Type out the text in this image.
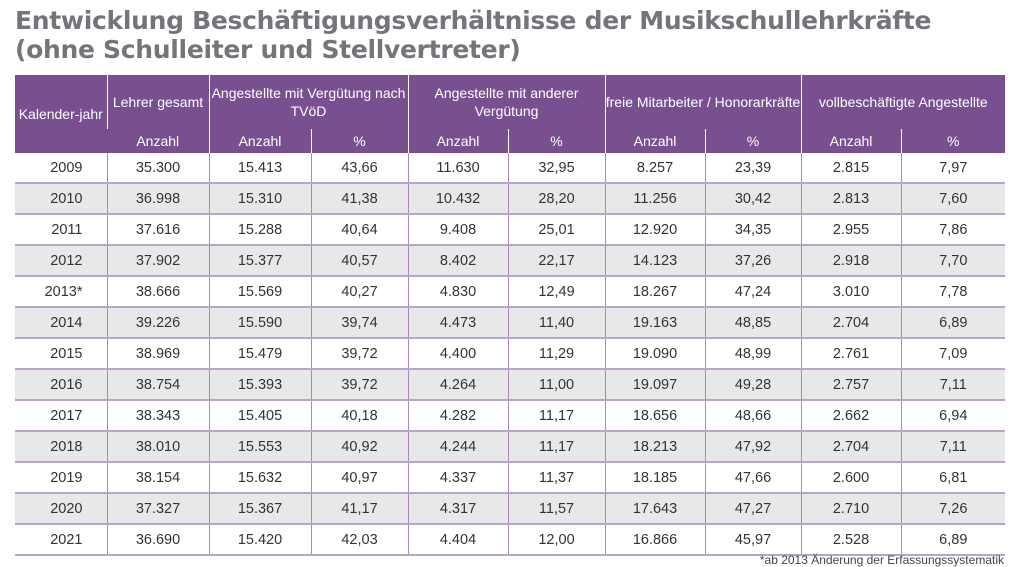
Entwicklung Beschäftigungsverhältnisse der Musikschullehrkräfte
(ohne Schulleiter und Stellvertreter)
Kalender-jahr	Lehrer gesamt	Angestellte mit Vergütung nach TVöD		Angestellte mit anderer Vergütung		freie Mitarbeiter / Honorarkräfte		vollbeschäftigte Angestellte	
	Anzahl	Anzahl	%	Anzahl	%	Anzahl	%	Anzahl	%
2009	35.300	15.413	43,66	11.630	32,95	8.257	23,39	2.815	7,97
2010	36.998	15.310	41,38	10.432	28,20	11.256	30,42	2.813	7,60
2011	37.616	15.288	40,64	9.408	25,01	12.920	34,35	2.955	7,86
2012	37.902	15.377	40,57	8.402	22,17	14.123	37,26	2.918	7,70
2013*	38.666	15.569	40,27	4.830	12,49	18.267	47,24	3.010	7,78
2014	39.226	15.590	39,74	4.473	11,40	19.163	48,85	2.704	6,89
2015	38.969	15.479	39,72	4.400	11,29	19.090	48,99	2.761	7,09
2016	38.754	15.393	39,72	4.264	11,00	19.097	49,28	2.757	7,11
2017	38.343	15.405	40,18	4.282	11,17	18.656	48,66	2.662	6,94
2018	38.010	15.553	40,92	4.244	11,17	18.213	47,92	2.704	7,11
2019	38.154	15.632	40,97	4.337	11,37	18.185	47,66	2.600	6,81
2020	37.327	15.367	41,17	4.317	11,57	17.643	47,27	2.710	7,26
2021	36.690	15.420	42,03	4.404	12,00	16.866	45,97	2.528	6,89
*ab 2013 Änderung der Erfassungssystematik
